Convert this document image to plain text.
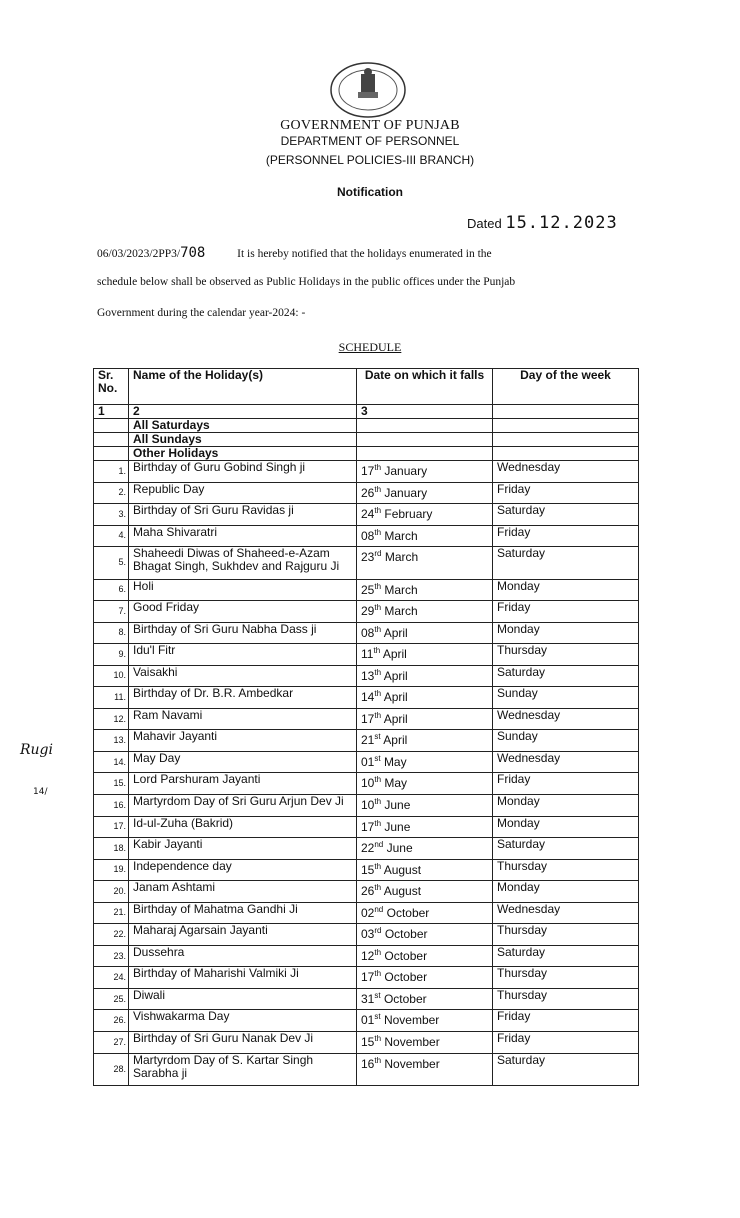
GOVERNMENT OF PUNJAB
DEPARTMENT OF PERSONNEL
(PERSONNEL POLICIES-III BRANCH)
Notification
Dated 15.12.2023
06/03/2023/2PP3/708	It is hereby notified that the holidays enumerated in the
schedule below shall be observed as Public Holidays in the public offices under the Punjab
Government during the calendar year-2024: -
SCHEDULE
Sr. No.	Name of the Holiday(s)	Date on which it falls	Day of the week
1	2	3	
	All Saturdays		
	All Sundays		
	Other Holidays		
1.	Birthday of Guru Gobind Singh ji	17th January	Wednesday
2.	Republic Day	26th January	Friday
3.	Birthday of Sri Guru Ravidas ji	24th February	Saturday
4.	Maha Shivaratri	08th March	Friday
5.	Shaheedi Diwas of Shaheed-e-Azam Bhagat Singh, Sukhdev and Rajguru Ji	23rd March	Saturday
6.	Holi	25th March	Monday
7.	Good Friday	29th March	Friday
8.	Birthday of Sri Guru Nabha Dass ji	08th April	Monday
9.	Idu'l Fitr	11th April	Thursday
10.	Vaisakhi	13th April	Saturday
11.	Birthday of Dr. B.R. Ambedkar	14th April	Sunday
12.	Ram Navami	17th April	Wednesday
13.	Mahavir Jayanti	21st April	Sunday
14.	May Day	01st May	Wednesday
15.	Lord Parshuram Jayanti	10th May	Friday
16.	Martyrdom Day of Sri Guru Arjun Dev Ji	10th June	Monday
17.	Id-ul-Zuha (Bakrid)	17th June	Monday
18.	Kabir Jayanti	22nd June	Saturday
19.	Independence day	15th August	Thursday
20.	Janam Ashtami	26th August	Monday
21.	Birthday of Mahatma Gandhi Ji	02nd October	Wednesday
22.	Maharaj Agarsain Jayanti	03rd October	Thursday
23.	Dussehra	12th October	Saturday
24.	Birthday of Maharishi Valmiki Ji	17th October	Thursday
25.	Diwali	31st October	Thursday
26.	Vishwakarma Day	01st November	Friday
27.	Birthday of Sri Guru Nanak Dev Ji	15th November	Friday
28.	Martyrdom Day of S. Kartar Singh Sarabha ji	16th November	Saturday
Rugi
14/
